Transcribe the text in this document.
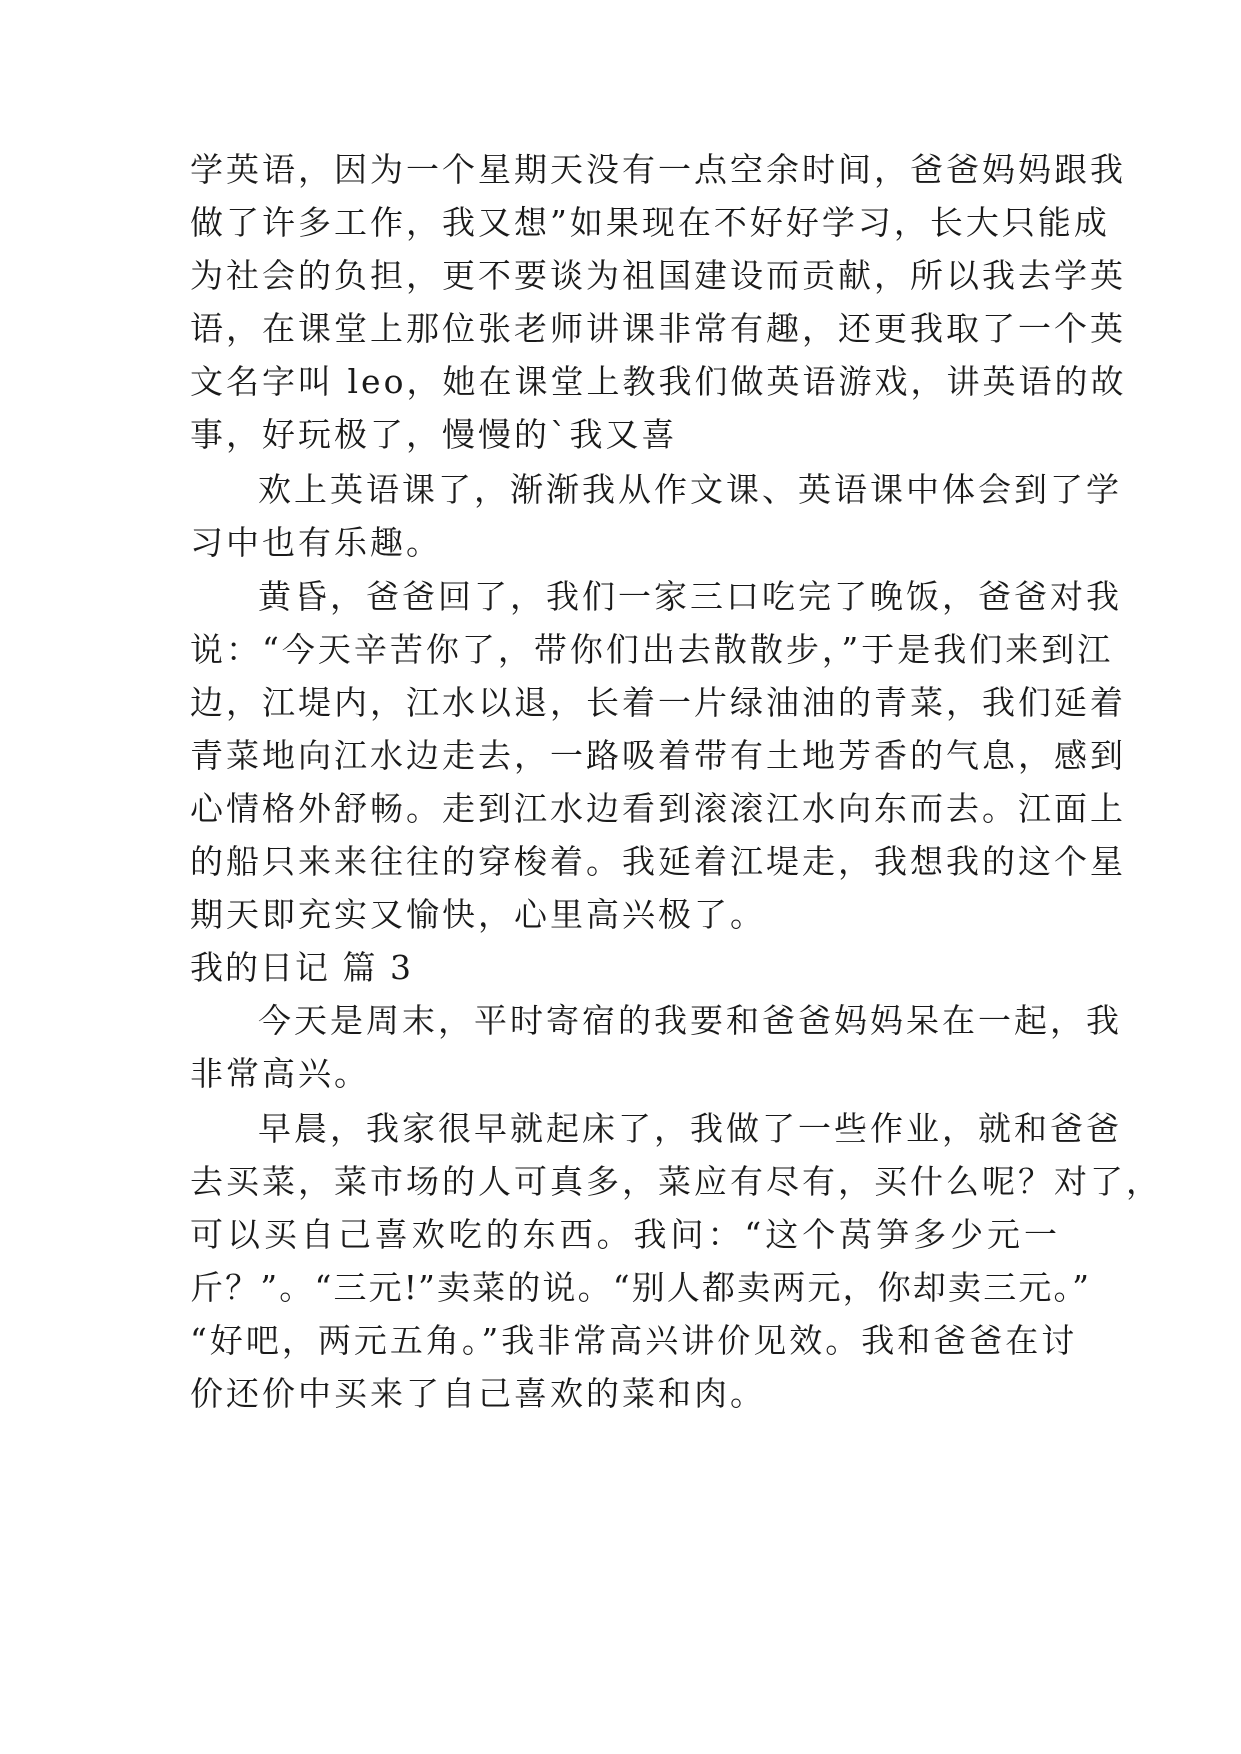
学英语，因为一个星期天没有一点空余时间，爸爸妈妈跟我
做了许多工作，我又想”如果现在不好好学习，长大只能成
为社会的负担，更不要谈为祖国建设而贡献，所以我去学英
语，在课堂上那位张老师讲课非常有趣，还更我取了一个英
文名字叫 leo，她在课堂上教我们做英语游戏，讲英语的故
事，好玩极了，慢慢的`我又喜
欢上英语课了，渐渐我从作文课、英语课中体会到了学
习中也有乐趣。
黄昏，爸爸回了，我们一家三口吃完了晚饭，爸爸对我
说：“今天辛苦你了，带你们出去散散步，”于是我们来到江
边，江堤内，江水以退，长着一片绿油油的青菜，我们延着
青菜地向江水边走去，一路吸着带有土地芳香的气息，感到
心情格外舒畅。走到江水边看到滚滚江水向东而去。江面上
的船只来来往往的穿梭着。我延着江堤走，我想我的这个星
期天即充实又愉快，心里高兴极了。
我的日记 篇 3
今天是周末，平时寄宿的我要和爸爸妈妈呆在一起，我
非常高兴。
早晨，我家很早就起床了，我做了一些作业，就和爸爸
去买菜，菜市场的人可真多，菜应有尽有，买什么呢？对了，
可以买自己喜欢吃的东西。我问：“这个莴笋多少元一
斤？”。“三元!”卖菜的说。“别人都卖两元，你却卖三元。”
“好吧，两元五角。”我非常高兴讲价见效。我和爸爸在讨
价还价中买来了自己喜欢的菜和肉。
